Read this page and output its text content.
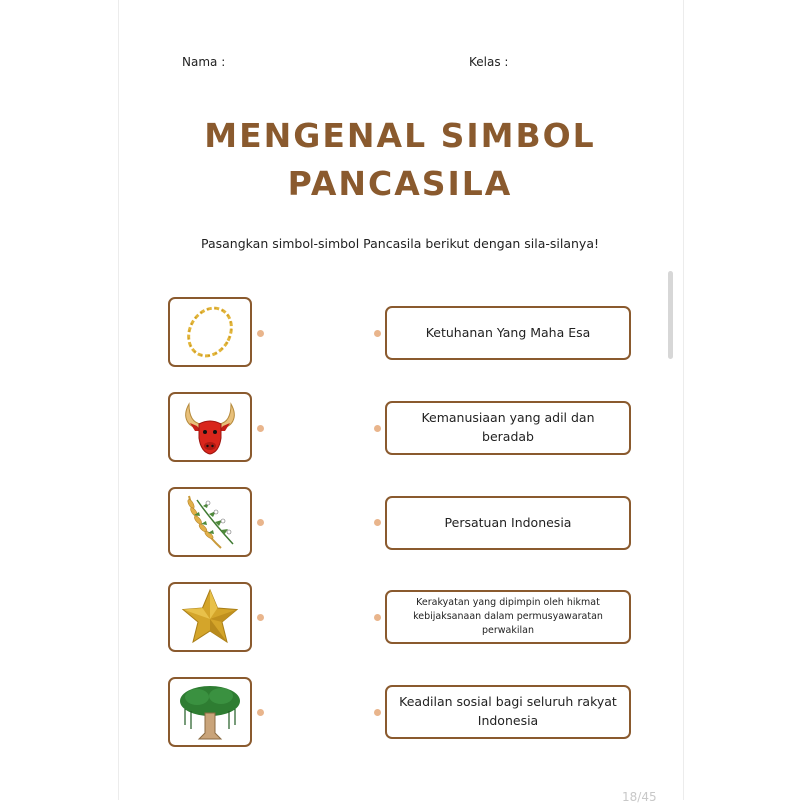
Nama :	Kelas :
MENGENAL SIMBOL
PANCASILA
Pasangkan simbol-simbol Pancasila berikut dengan sila-silanya!
Ketuhanan Yang Maha Esa
Kemanusiaan yang adil dan beradab
Persatuan Indonesia
Kerakyatan yang dipimpin oleh hikmat kebijaksanaan dalam permusyawaratan perwakilan
Keadilan sosial bagi seluruh rakyat Indonesia
18/45
